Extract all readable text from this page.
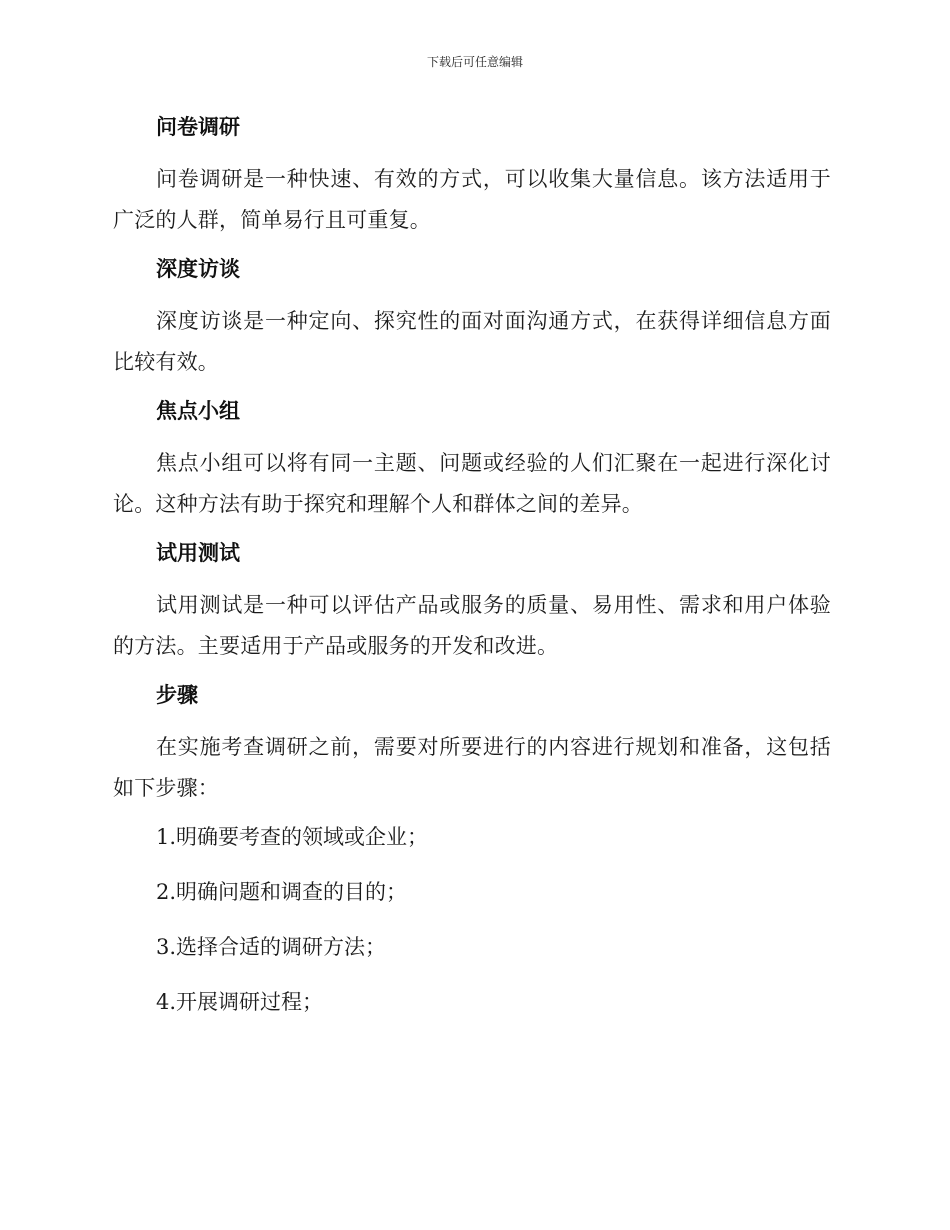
下载后可任意编辑
问卷调研
问卷调研是一种快速、有效的方式，可以收集大量信息。该方法适用于广泛的人群，简单易行且可重复。
深度访谈
深度访谈是一种定向、探究性的面对面沟通方式，在获得详细信息方面比较有效。
焦点小组
焦点小组可以将有同一主题、问题或经验的人们汇聚在一起进行深化讨论。这种方法有助于探究和理解个人和群体之间的差异。
试用测试
试用测试是一种可以评估产品或服务的质量、易用性、需求和用户体验的方法。主要适用于产品或服务的开发和改进。
步骤
在实施考查调研之前，需要对所要进行的内容进行规划和准备，这包括如下步骤：
1.明确要考查的领域或企业；
2.明确问题和调查的目的；
3.选择合适的调研方法；
4.开展调研过程；
